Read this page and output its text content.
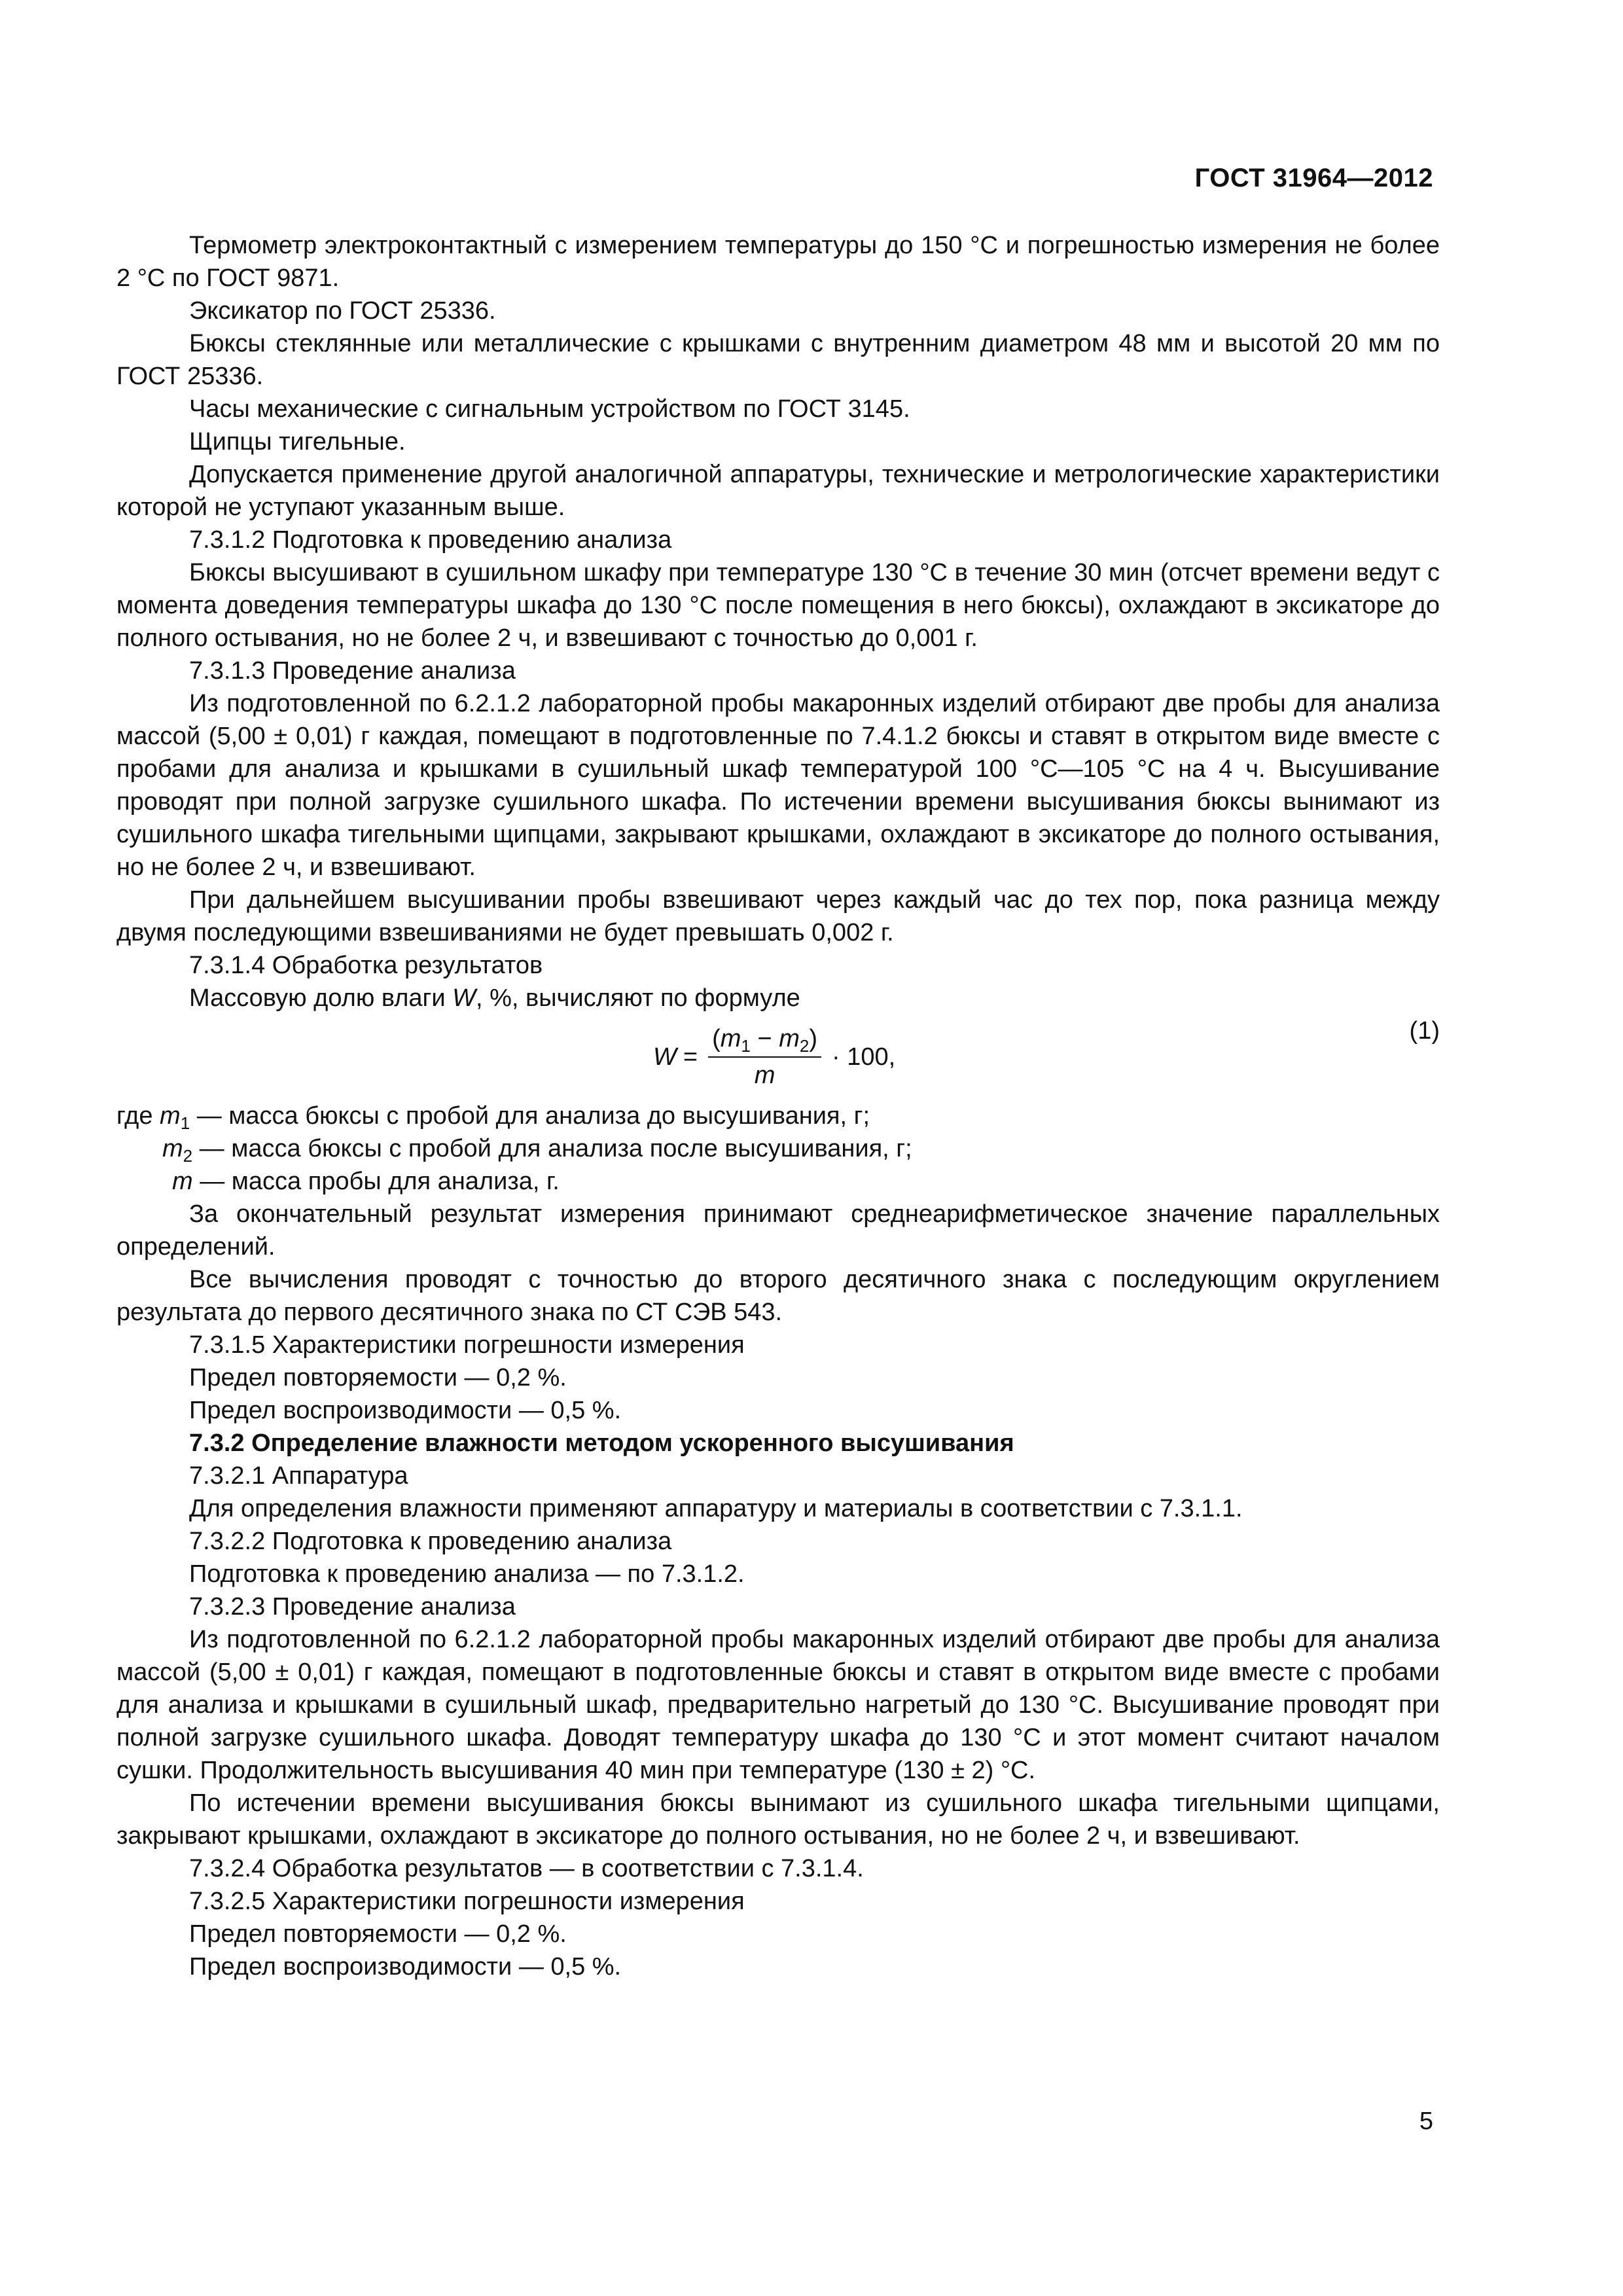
ГОСТ 31964—2012

Термометр электроконтактный с измерением температуры до 150 °С и погрешностью измерения не более 2 °С по ГОСТ 9871.

Эксикатор по ГОСТ 25336.

Бюксы стеклянные или металлические с крышками с внутренним диаметром 48 мм и высотой 20 мм по ГОСТ 25336.

Часы механические с сигнальным устройством по ГОСТ 3145.

Щипцы тигельные.

Допускается применение другой аналогичной аппаратуры, технические и метрологические характеристики которой не уступают указанным выше.

7.3.1.2 Подготовка к проведению анализа

Бюксы высушивают в сушильном шкафу при температуре 130 °С в течение 30 мин (отсчет времени ведут с момента доведения температуры шкафа до 130 °С после помещения в него бюксы), охлаждают в эксикаторе до полного остывания, но не более 2 ч, и взвешивают с точностью до 0,001 г.

7.3.1.3 Проведение анализа

Из подготовленной по 6.2.1.2 лабораторной пробы макаронных изделий отбирают две пробы для анализа массой (5,00 ± 0,01) г каждая, помещают в подготовленные по 7.4.1.2 бюксы и ставят в открытом виде вместе с пробами для анализа и крышками в сушильный шкаф температурой 100 °С—105 °С на 4 ч. Высушивание проводят при полной загрузке сушильного шкафа. По истечении времени высушивания бюксы вынимают из сушильного шкафа тигельными щипцами, закрывают крышками, охлаждают в эксикаторе до полного остывания, но не более 2 ч, и взвешивают.

При дальнейшем высушивании пробы взвешивают через каждый час до тех пор, пока разница между двумя последующими взвешиваниями не будет превышать 0,002 г.

7.3.1.4 Обработка результатов

Массовую долю влаги W, %, вычисляют по формуле

$W = \frac{(m_1 - m_2)}{m} \cdot 100$,
(1)

где $m_1$ — масса бюксы с пробой для анализа до высушивания, г;

$m_2$ — масса бюксы с пробой для анализа после высушивания, г;

m — масса пробы для анализа, г.

За окончательный результат измерения принимают среднеарифметическое значение параллельных определений.

Все вычисления проводят с точностью до второго десятичного знака с последующим округлением результата до первого десятичного знака по СТ СЭВ 543.

7.3.1.5 Характеристики погрешности измерения

Предел повторяемости — 0,2 %.

Предел воспроизводимости — 0,5 %.

7.3.2 Определение влажности методом ускоренного высушивания

7.3.2.1 Аппаратура

Для определения влажности применяют аппаратуру и материалы в соответствии с 7.3.1.1.

7.3.2.2 Подготовка к проведению анализа

Подготовка к проведению анализа — по 7.3.1.2.

7.3.2.3 Проведение анализа

Из подготовленной по 6.2.1.2 лабораторной пробы макаронных изделий отбирают две пробы для анализа массой (5,00 ± 0,01) г каждая, помещают в подготовленные бюксы и ставят в открытом виде вместе с пробами для анализа и крышками в сушильный шкаф, предварительно нагретый до 130 °С. Высушивание проводят при полной загрузке сушильного шкафа. Доводят температуру шкафа до 130 °С и этот момент считают началом сушки. Продолжительность высушивания 40 мин при температуре (130 ± 2) °С.

По истечении времени высушивания бюксы вынимают из сушильного шкафа тигельными щипцами, закрывают крышками, охлаждают в эксикаторе до полного остывания, но не более 2 ч, и взвешивают.

7.3.2.4 Обработка результатов — в соответствии с 7.3.1.4.

7.3.2.5 Характеристики погрешности измерения

Предел повторяемости — 0,2 %.

Предел воспроизводимости — 0,5 %.

5
